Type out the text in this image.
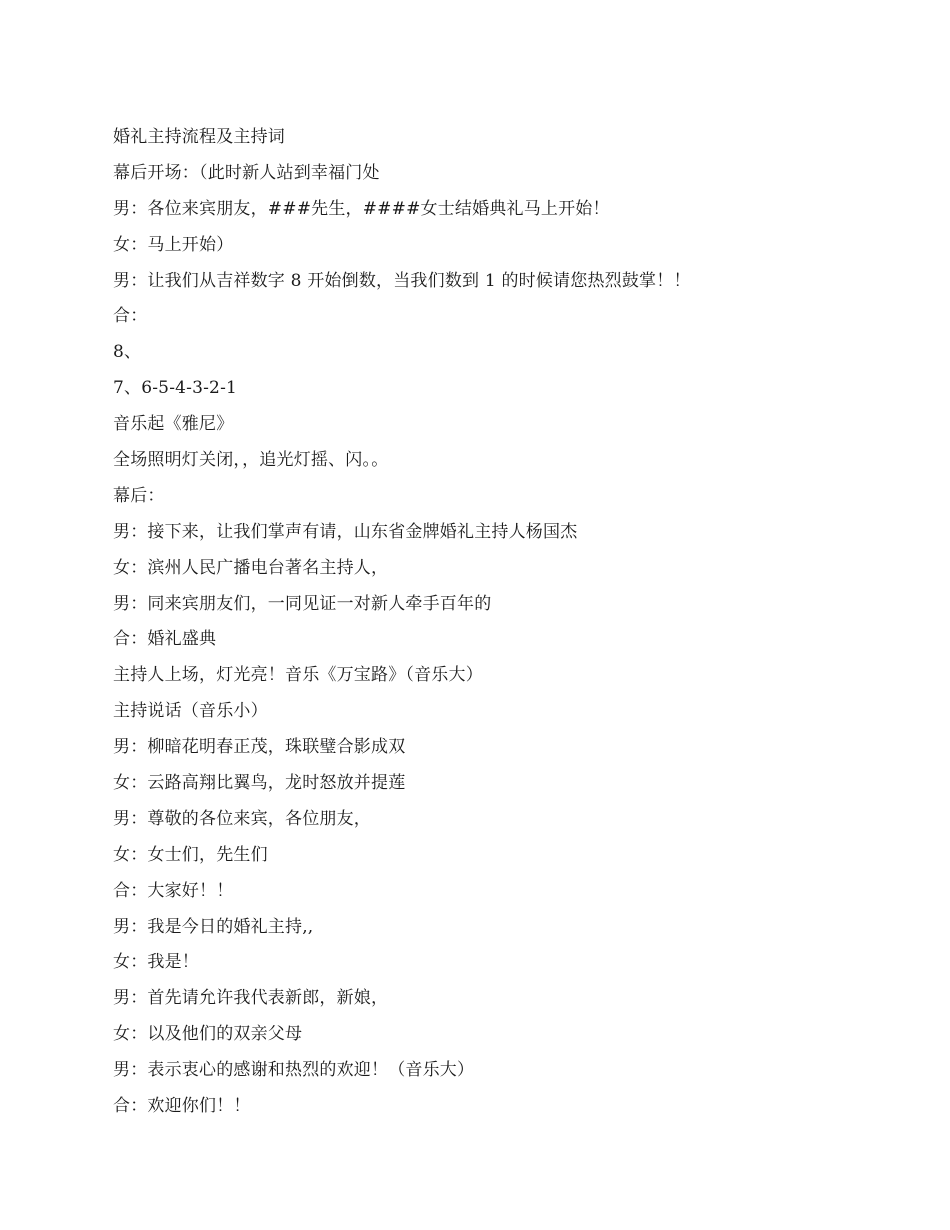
婚礼主持流程及主持词
幕后开场：（此时新人站到幸福门处
男：各位来宾朋友，###先生，####女士结婚典礼马上开始！
女：马上开始）
男：让我们从吉祥数字 8 开始倒数，当我们数到 1 的时候请您热烈鼓掌！！
合：
8、
7、6-5-4-3-2-1
音乐起《雅尼》
全场照明灯关闭，，追光灯摇、闪。。
幕后：
男：接下来，让我们掌声有请，山东省金牌婚礼主持人杨国杰
女：滨州人民广播电台著名主持人，
男：同来宾朋友们，一同见证一对新人牵手百年的
合：婚礼盛典
主持人上场，灯光亮！音乐《万宝路》（音乐大）
主持说话（音乐小）
男：柳暗花明春正茂，珠联璧合影成双
女：云路高翔比翼鸟，龙时怒放并提莲
男：尊敬的各位来宾，各位朋友，
女：女士们，先生们
合：大家好！！
男：我是今日的婚礼主持,,
女：我是！
男：首先请允许我代表新郎，新娘，
女：以及他们的双亲父母
男：表示衷心的感谢和热烈的欢迎！（音乐大）
合：欢迎你们！！
